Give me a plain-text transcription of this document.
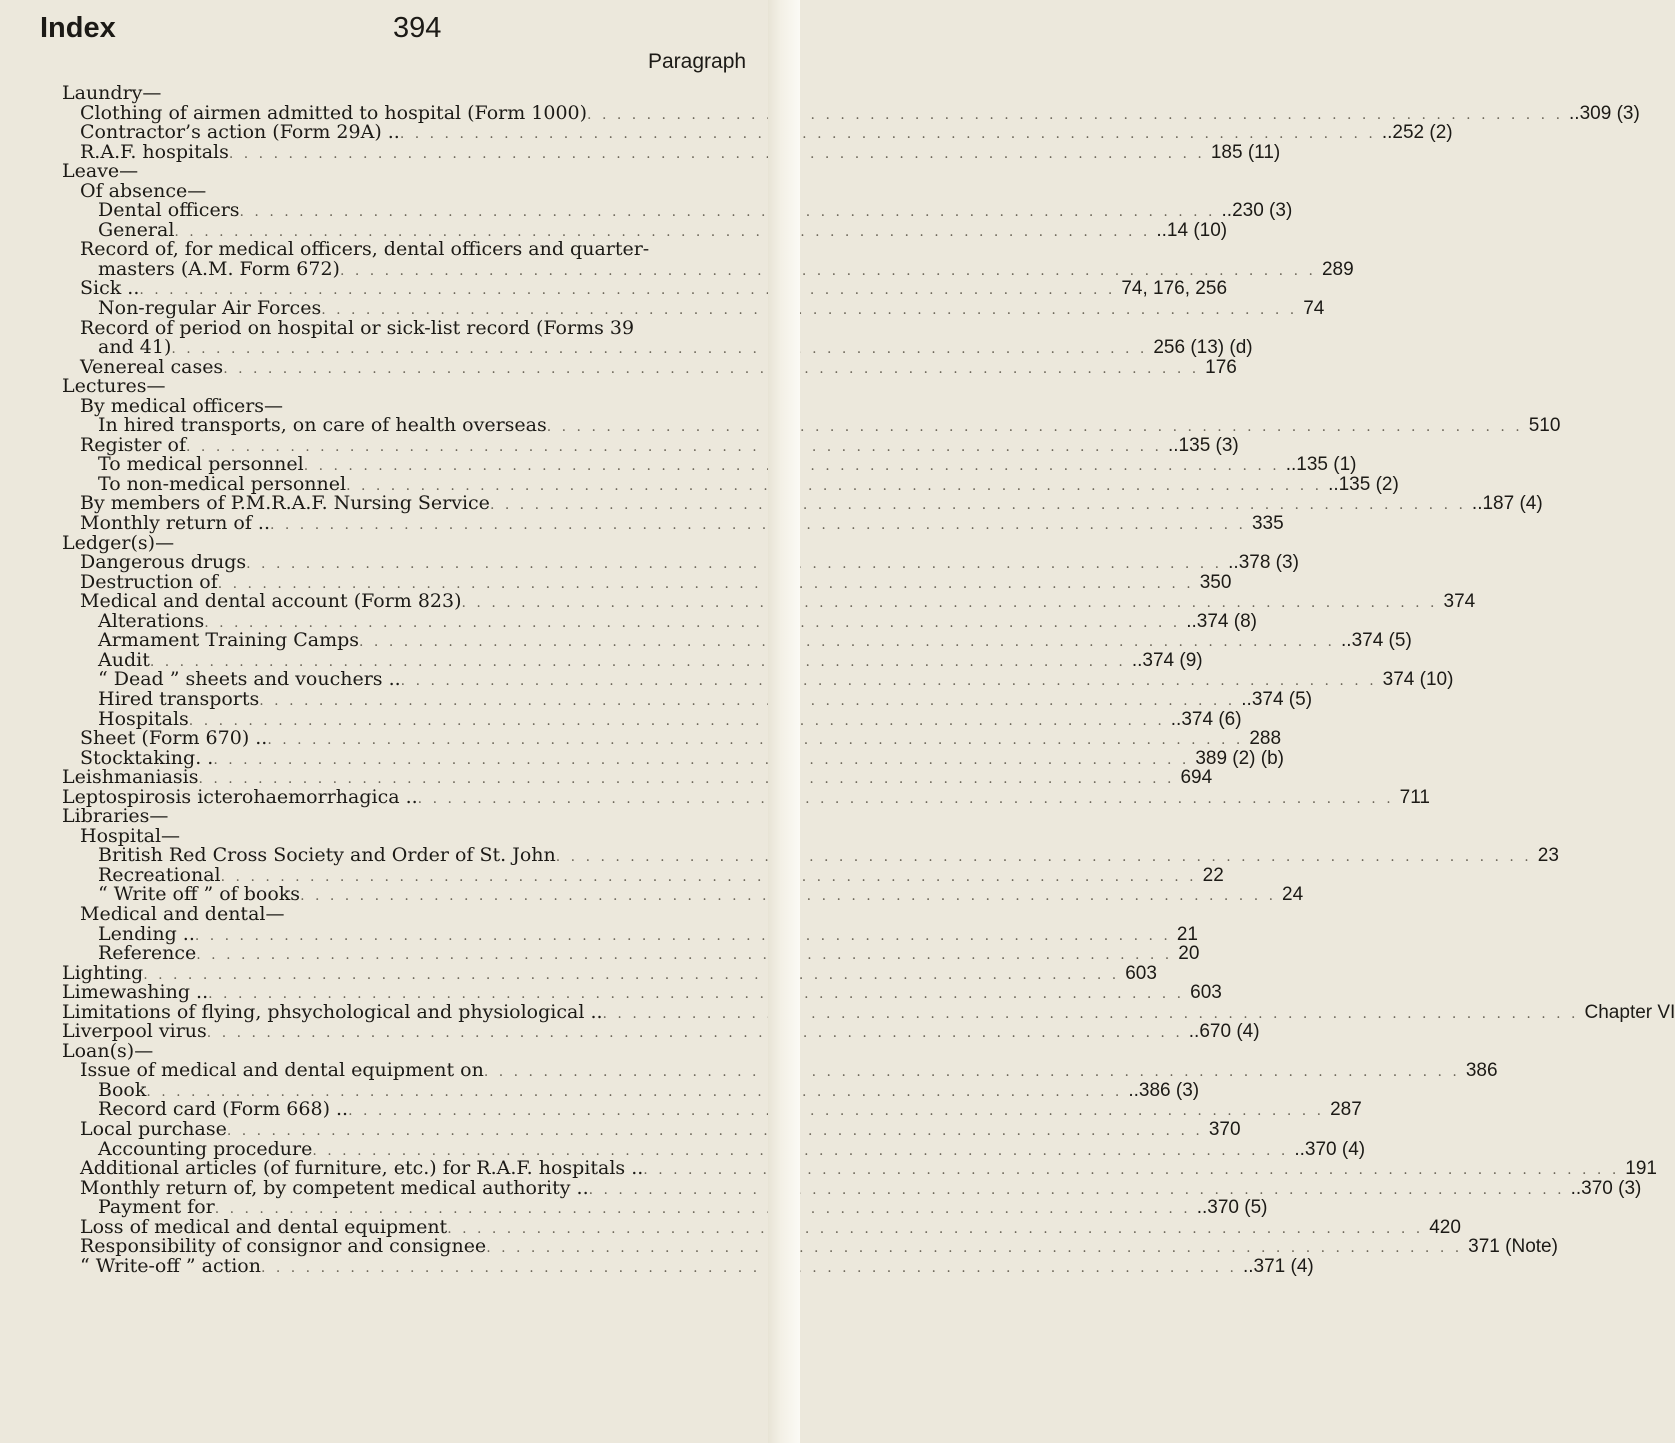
Index	394
Paragraph
Laundry—
Clothing of airmen admitted to hospital (Form 1000) . .	..309 (3)
Contractor’s action (Form 29A) .. . .	..252 (2)
R.A.F. hospitals . .	185 (11)
Leave—
Of absence—
Dental officers . .	..230 (3)
General . .	..14 (10)
Record of, for medical officers, dental officers and quarter-
masters (A.M. Form 672) . .	289
Sick .. . .	74, 176, 256
Non-regular Air Forces . .	74
Record of period on hospital or sick-list record (Forms 39
and 41) . .	256 (13) (d)
Venereal cases . .	176
Lectures—
By medical officers—
In hired transports, on care of health overseas . .	510
Register of . .	..135 (3)
To medical personnel . .	..135 (1)
To non-medical personnel . .	..135 (2)
By members of P.M.R.A.F. Nursing Service . .	..187 (4)
Monthly return of .. . .	335
Ledger(s)—
Dangerous drugs . .	..378 (3)
Destruction of . .	350
Medical and dental account (Form 823) . .	374
Alterations . .	..374 (8)
Armament Training Camps . .	..374 (5)
Audit . .	..374 (9)
“ Dead ” sheets and vouchers .. . .	374 (10)
Hired transports . .	..374 (5)
Hospitals . .	..374 (6)
Sheet (Form 670) .. . .	288
Stocktaking. . . .	389 (2) (b)
Leishmaniasis . .	694
Leptospirosis icterohaemorrhagica .. . .	711
Libraries—
Hospital—
British Red Cross Society and Order of St. John . .	23
Recreational . .	22
“ Write off ” of books . .	24
Medical and dental—
Lending .. . .	21
Reference . .	20
Lighting . .	603
Limewashing .. . .	603
Limitations of flying, phsychological and physiological .. . .	Chapter VI
Liverpool virus . .	..670 (4)
Loan(s)—
Issue of medical and dental equipment on . .	386
Book . .	..386 (3)
Record card (Form 668) .. . .	287
Local purchase . .	370
Accounting procedure . .	..370 (4)
Additional articles (of furniture, etc.) for R.A.F. hospitals .. . .	191
Monthly return of, by competent medical authority .. . .	..370 (3)
Payment for . .	..370 (5)
Loss of medical and dental equipment . .	420
Responsibility of consignor and consignee . .	371 (Note)
“ Write-off ” action . .	..371 (4)
